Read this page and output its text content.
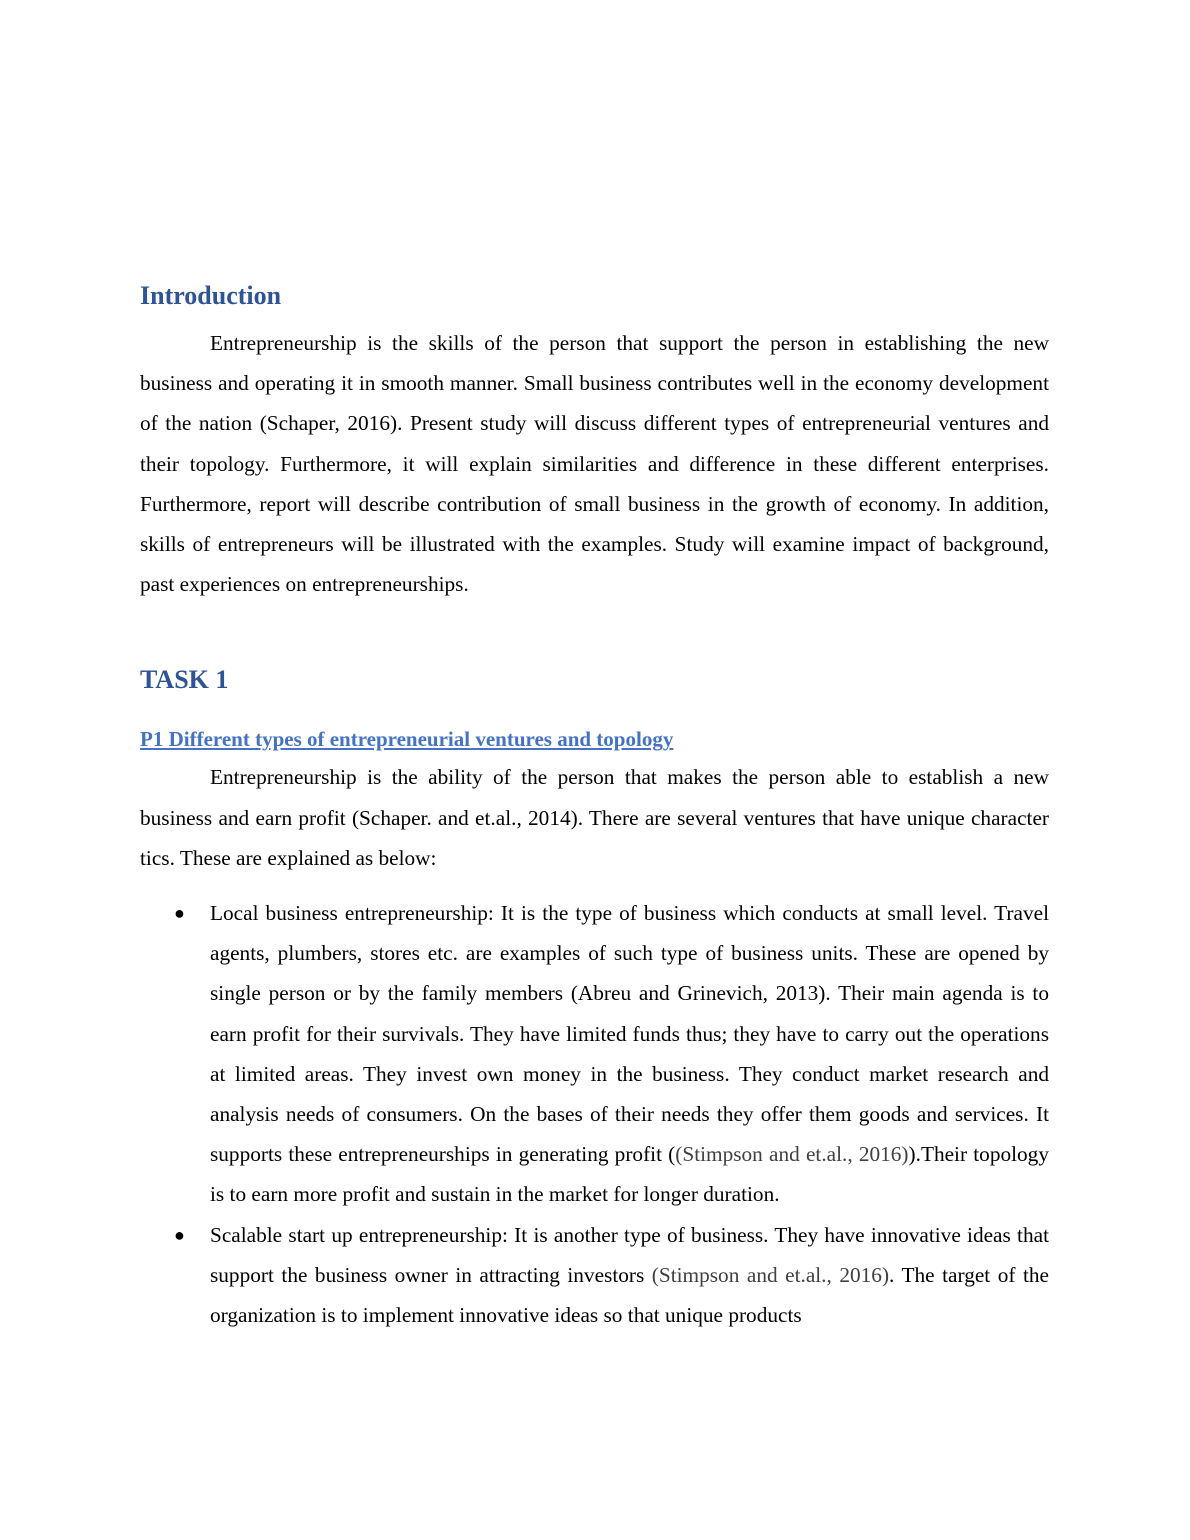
Introduction

Entrepreneurship is the skills of the person that support the person in establishing the new business and operating it in smooth manner. Small business contributes well in the economy development of the nation (Schaper, 2016). Present study will discuss different types of entrepreneurial ventures and their topology. Furthermore, it will explain similarities and difference in these different enterprises. Furthermore, report will describe contribution of small business in the growth of economy. In addition, skills of entrepreneurs will be illustrated with the examples. Study will examine impact of background, past experiences on entrepreneurships.

TASK 1
P1 Different types of entrepreneurial ventures and topology

Entrepreneurship is the ability of the person that makes the person able to establish a new business and earn profit (Schaper. and et.al., 2014). There are several ventures that have unique character tics. These are explained as below:

● Local business entrepreneurship: It is the type of business which conducts at small level. Travel agents, plumbers, stores etc. are examples of such type of business units. These are opened by single person or by the family members (Abreu and Grinevich, 2013). Their main agenda is to earn profit for their survivals. They have limited funds thus; they have to carry out the operations at limited areas. They invest own money in the business. They conduct market research and analysis needs of consumers. On the bases of their needs they offer them goods and services. It supports these entrepreneurships in generating profit ((Stimpson and et.al., 2016)).Their topology is to earn more profit and sustain in the market for longer duration.
● Scalable start up entrepreneurship: It is another type of business. They have innovative ideas that support the business owner in attracting investors (Stimpson and et.al., 2016). The target of the organization is to implement innovative ideas so that unique products
